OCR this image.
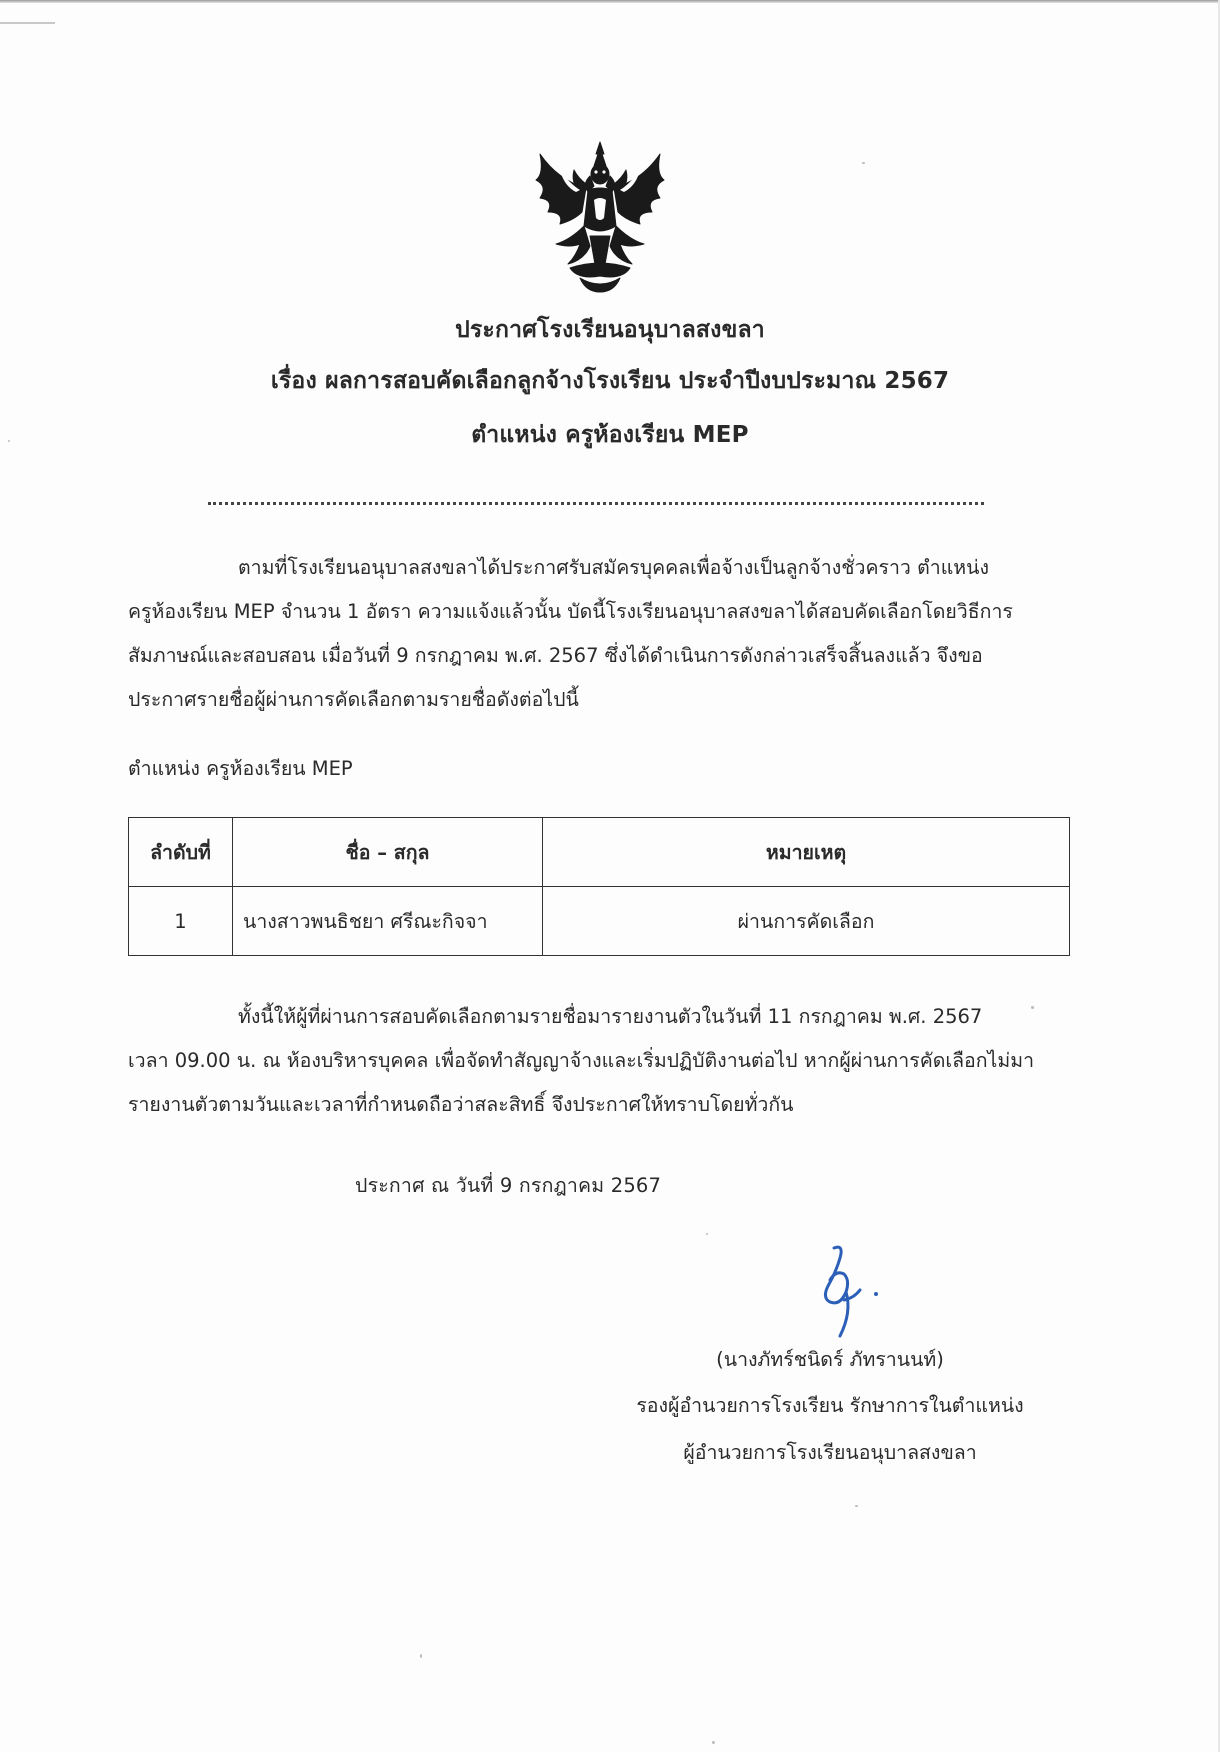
ประกาศโรงเรียนอนุบาลสงขลา
เรื่อง ผลการสอบคัดเลือกลูกจ้างโรงเรียน ประจำปีงบประมาณ 2567
ตำแหน่ง ครูห้องเรียน MEP

ตามที่โรงเรียนอนุบาลสงขลาได้ประกาศรับสมัครบุคคลเพื่อจ้างเป็นลูกจ้างชั่วคราว ตำแหน่ง
ครูห้องเรียน MEP จำนวน 1 อัตรา ความแจ้งแล้วนั้น บัดนี้โรงเรียนอนุบาลสงขลาได้สอบคัดเลือกโดยวิธีการ
สัมภาษณ์และสอบสอน เมื่อวันที่ 9 กรกฎาคม พ.ศ. 2567 ซึ่งได้ดำเนินการดังกล่าวเสร็จสิ้นลงแล้ว จึงขอ
ประกาศรายชื่อผู้ผ่านการคัดเลือกตามรายชื่อดังต่อไปนี้

ตำแหน่ง ครูห้องเรียน MEP
ลำดับที่	ชื่อ – สกุล	หมายเหตุ
1	นางสาวพนธิชยา ศรีณะกิจจา	ผ่านการคัดเลือก

ทั้งนี้ให้ผู้ที่ผ่านการสอบคัดเลือกตามรายชื่อมารายงานตัวในวันที่ 11 กรกฎาคม พ.ศ. 2567
เวลา 09.00 น. ณ ห้องบริหารบุคคล เพื่อจัดทำสัญญาจ้างและเริ่มปฏิบัติงานต่อไป หากผู้ผ่านการคัดเลือกไม่มา
รายงานตัวตามวันและเวลาที่กำหนดถือว่าสละสิทธิ์ จึงประกาศให้ทราบโดยทั่วกัน

ประกาศ ณ วันที่ 9 กรกฎาคม 2567
(นางภัทร์ชนิดร์ ภัทรานนท์)
รองผู้อำนวยการโรงเรียน รักษาการในตำแหน่ง
ผู้อำนวยการโรงเรียนอนุบาลสงขลา
